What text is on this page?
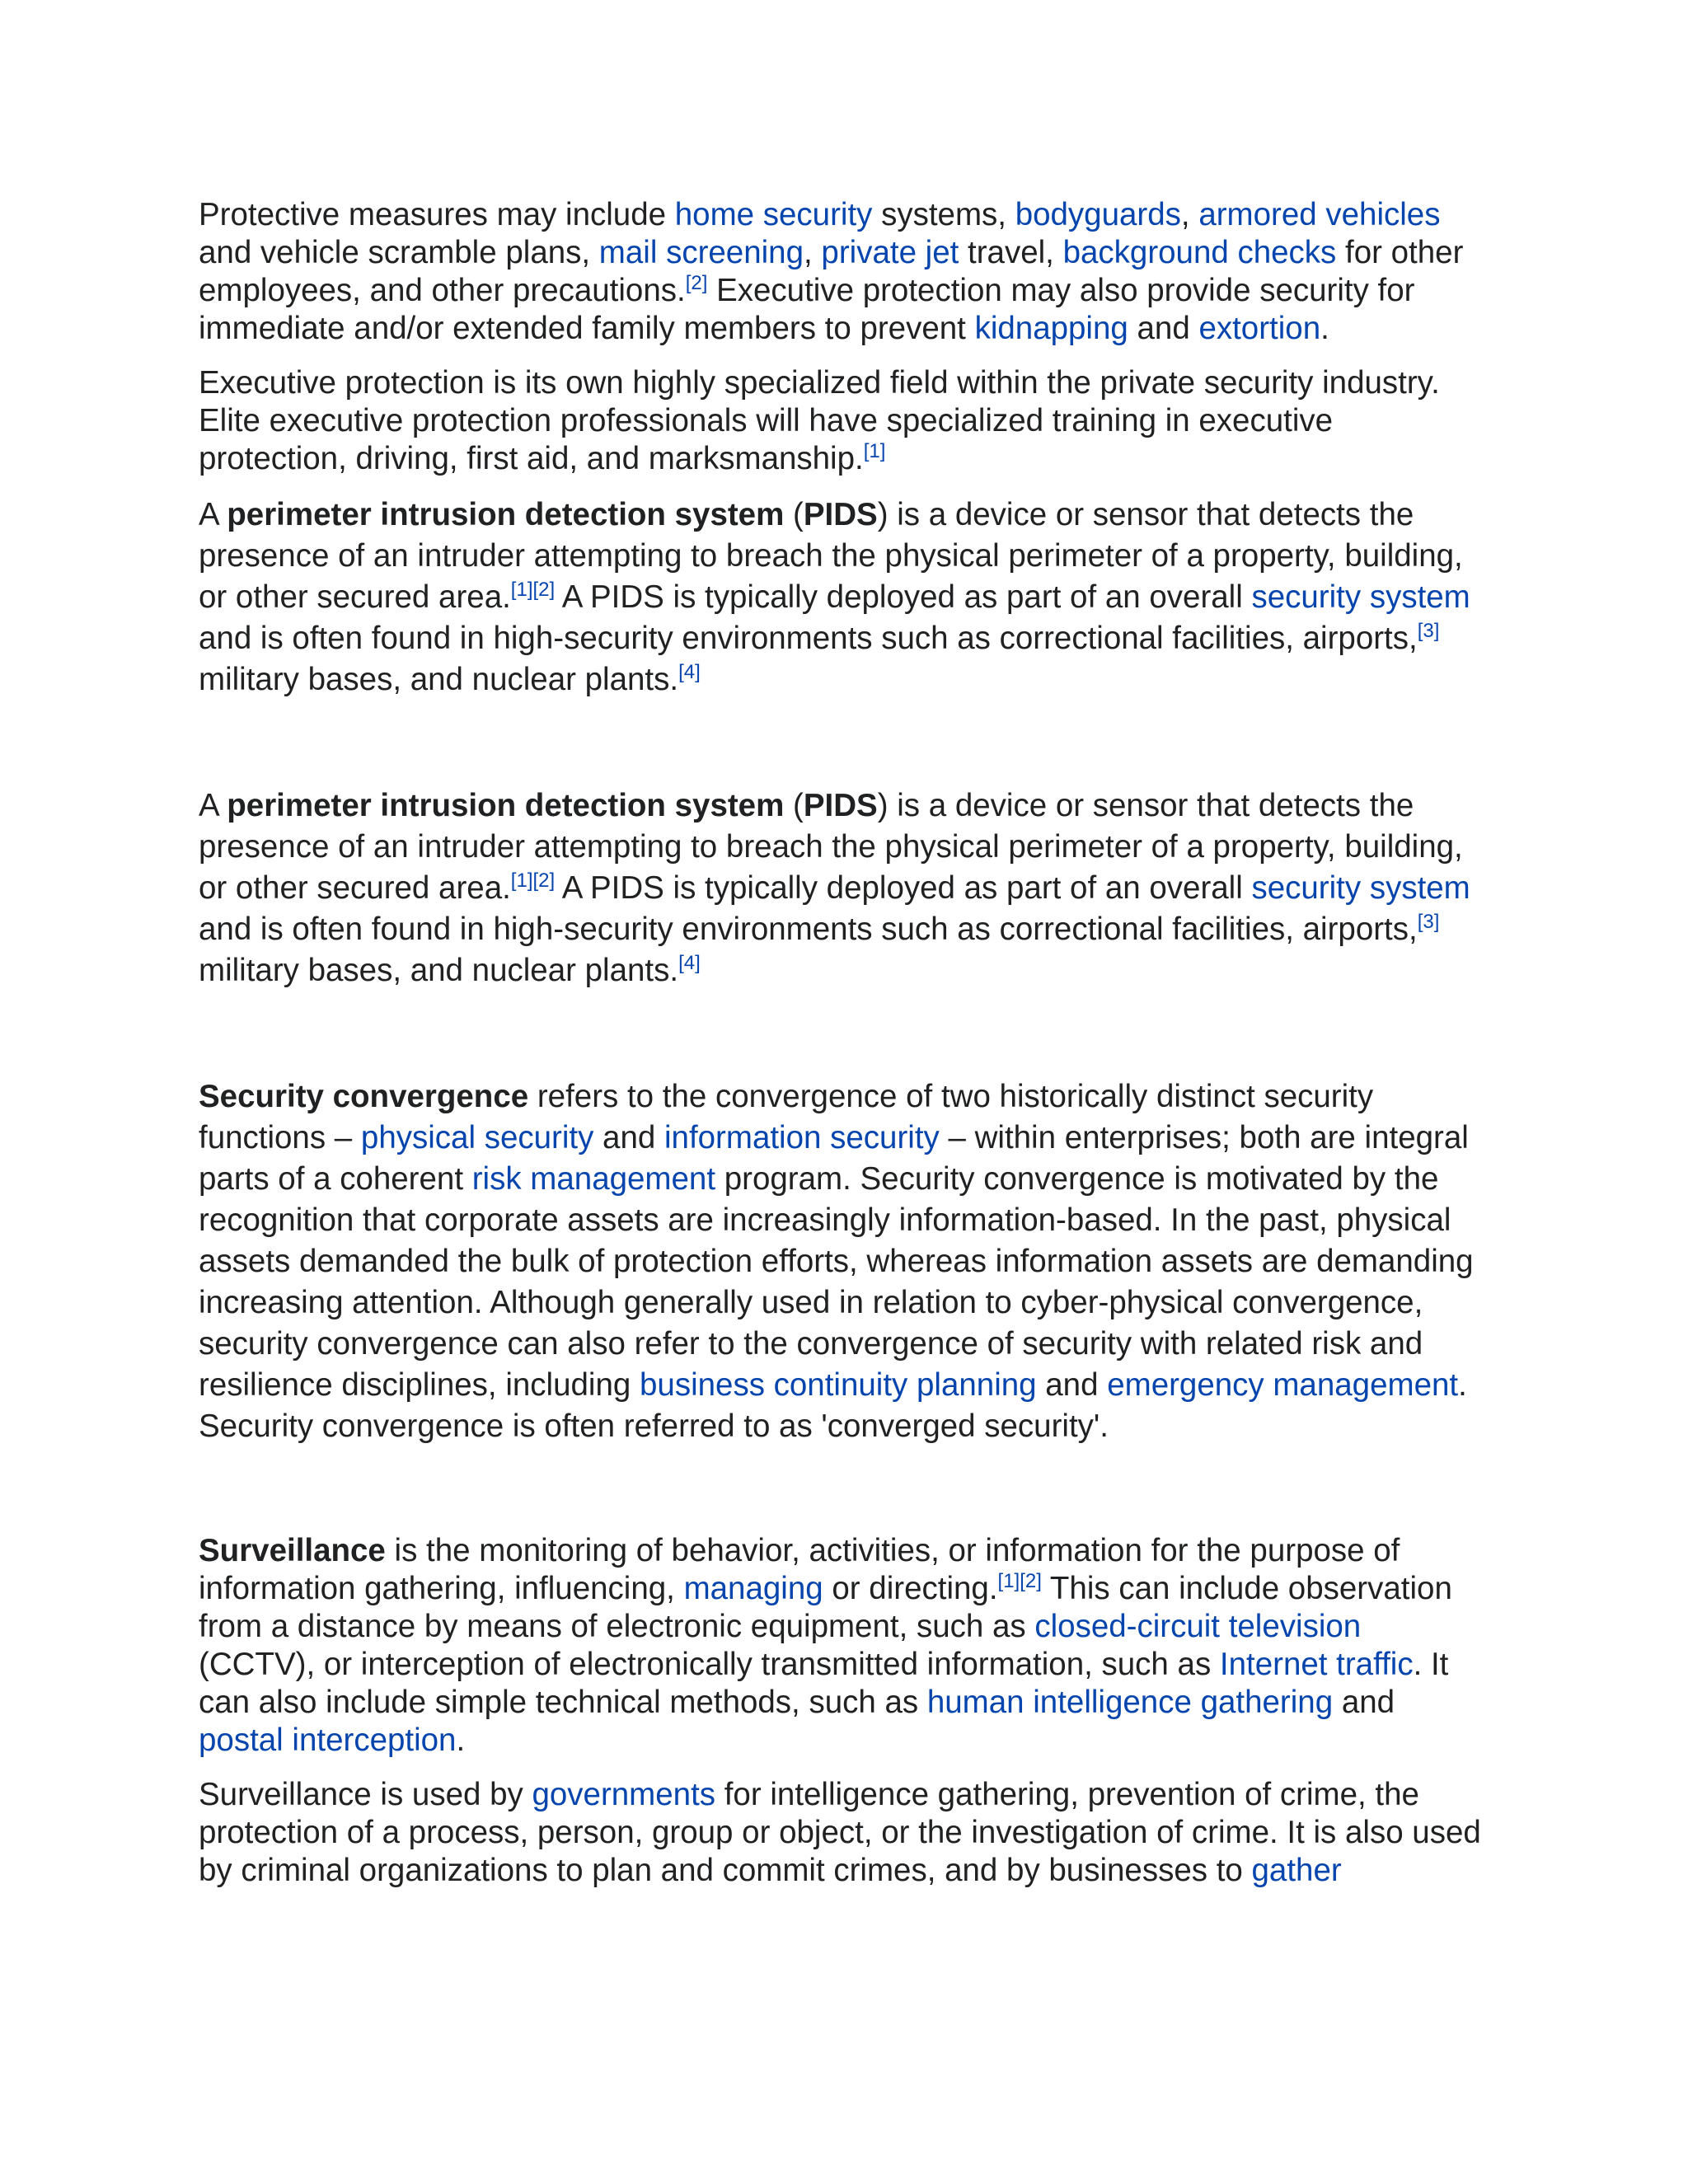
Protective measures may include home security systems, bodyguards, armored vehicles and vehicle scramble plans, mail screening, private jet travel, background checks for other employees, and other precautions.[2] Executive protection may also provide security for immediate and/or extended family members to prevent kidnapping and extortion.

Executive protection is its own highly specialized field within the private security industry. Elite executive protection professionals will have specialized training in executive protection, driving, first aid, and marksmanship.[1]

A perimeter intrusion detection system (PIDS) is a device or sensor that detects the presence of an intruder attempting to breach the physical perimeter of a property, building, or other secured area.[1][2] A PIDS is typically deployed as part of an overall security system and is often found in high-security environments such as correctional facilities, airports,[3] military bases, and nuclear plants.[4]

A perimeter intrusion detection system (PIDS) is a device or sensor that detects the presence of an intruder attempting to breach the physical perimeter of a property, building, or other secured area.[1][2] A PIDS is typically deployed as part of an overall security system and is often found in high-security environments such as correctional facilities, airports,[3] military bases, and nuclear plants.[4]

Security convergence refers to the convergence of two historically distinct security functions – physical security and information security – within enterprises; both are integral parts of a coherent risk management program. Security convergence is motivated by the recognition that corporate assets are increasingly information-based. In the past, physical assets demanded the bulk of protection efforts, whereas information assets are demanding increasing attention. Although generally used in relation to cyber-physical convergence, security convergence can also refer to the convergence of security with related risk and resilience disciplines, including business continuity planning and emergency management. Security convergence is often referred to as 'converged security'.

Surveillance is the monitoring of behavior, activities, or information for the purpose of information gathering, influencing, managing or directing.[1][2] This can include observation from a distance by means of electronic equipment, such as closed-circuit television (CCTV), or interception of electronically transmitted information, such as Internet traffic. It can also include simple technical methods, such as human intelligence gathering and postal interception.

Surveillance is used by governments for intelligence gathering, prevention of crime, the protection of a process, person, group or object, or the investigation of crime. It is also used by criminal organizations to plan and commit crimes, and by businesses to gather
